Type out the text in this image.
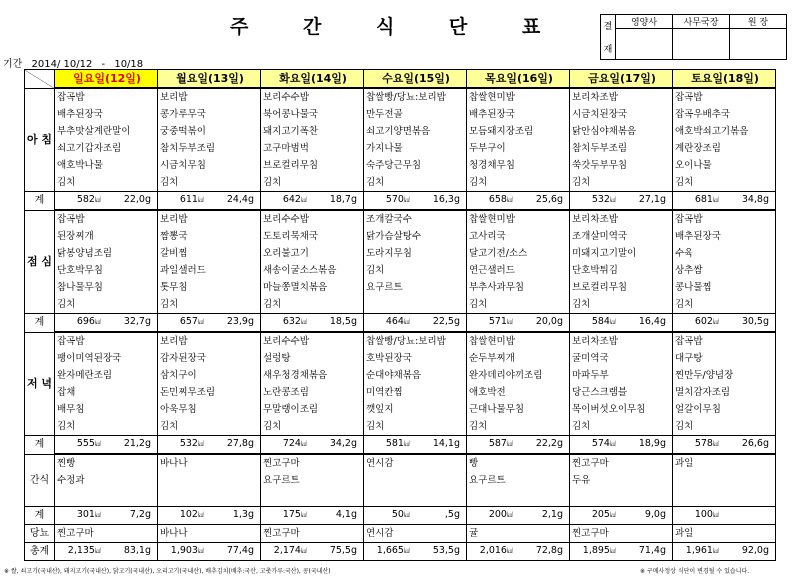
주 간 식 단 표	결
재	영양사	사무국장	원 장

기간 2014/ 10/12 - 10/18
	일요일(12일)	월요일(13일)	화요일(14일)	수요일(15일)	목요일(16일)	금요일(17일)	토요일(18일)
아 침	잡곡밥	보리밥	보리수수밥	찹쌀빵/당뇨:보리밥	찹쌀현미밥	보리차조밥	잡곡밥
	배추된장국	콩가루무국	북어콩나물국	만두전골	배추된장국	시금치된장국	잡곡우배추국
	부추맛살계란말이	궁중떡볶이	돼지고기폭찬	쇠고기양면볶음	모듬돼지장조림	닭안심야채볶음	애호박쇠고기볶음
	쇠고기갑자조림	참치두부조림	고구마범벅	가지나물	두부구이	참치두부조림	계란장조림
	애호박나물	시금치무침	브로컬리무침	숙주당근무침	청경채무침	쑥갓두부무침	오이나물
	김치	김치	김치	김치	김치	김치	김치
계	582㎉ 22,0g	611㎉ 24,4g	642㎉ 18,7g	570㎉ 16,3g	658㎉ 25,6g	532㎉ 27,1g	681㎉ 34,8g
점 심	잡곡밥	보리밥	보리수수밥	조개칼국수	찹쌀현미밥	보리차조밥	잡곡밥
	된장찌개	짬뽕국	도토리묵채국	닭가슴살탕수	고사리국	조개살미역국	배추된장국
	닭봉양념조림	갈비찜	오리불고기	도라지무침	달고기전/소스	미돼지고기말이	수육
	단호박무침	과일샐러드	새송이굴소스볶음	김치	연근샐러드	단호박튀김	상추쌈
	참나물무침	톳무침	마늘쫑멸치볶음	요구르트	부추사과무침	브로컬리무침	콩나물찜
	김치	김치	김치		김치	김치	김치
계	696㎉ 32,7g	657㎉ 23,9g	632㎉ 18,5g	464㎉ 22,5g	571㎉ 20,0g	584㎉ 16,4g	602㎉ 30,5g
저 녁	잡곡밥	보리밥	보리수수밥	찹쌀빵/당뇨:보리밥	찹쌀현미밥	보리차조밥	잡곡밥
	팽이미역된장국	감자된장국	설렁탕	호박된장국	순두부찌개	굴미역국	대구탕
	완자메란조림	삼치구이	새우청경채볶음	순대야채볶음	완자데리야끼조림	마파두부	찐만두/양념장
	잡채	돈민찌무조림	노란콩조림	미역칸찜	애호박전	당근스크램블	멸치감자조림
	배무침	아욱무침	무말랭이조림	깻잎지	근대나물무침	목이버섯오이무침	얼갈이무침
	김치	김치	김치	김치	김치	김치	김치
계	555㎉ 21,2g	532㎉ 27,8g	724㎉ 34,2g	581㎉ 14,1g	587㎉ 22,2g	574㎉ 18,9g	578㎉ 26,6g
간식	찐빵	바나나	찐고구마	연시감	빵	찐고구마	과일
	수정과		요구르트		요구르트	두유	

계	301㎉ 7,2g	102㎉ 1,3g	175㎉ 4,1g	50㎉ ,5g	200㎉ 2,1g	205㎉ 9,0g	100㎉
당뇨	찐고구마	바나나	찐고구마	연시감	귤	찐고구마	과일
총계	2,135㎉ 83,1g	1,903㎉ 77,4g	2,174㎉ 75,5g	1,665㎉ 53,5g	2,016㎉ 72,8g	1,895㎉ 71,4g	1,961㎉ 92,0g
※ 쌀, 쇠고기(국내산), 돼지고기(국내산), 닭고기(국내산), 오리고기(국내산), 배추김치(배추:국산, 고춧가루:국산), 콩(국내산)	※ 구매사정상 식단이 변경될 수 있습니다.
